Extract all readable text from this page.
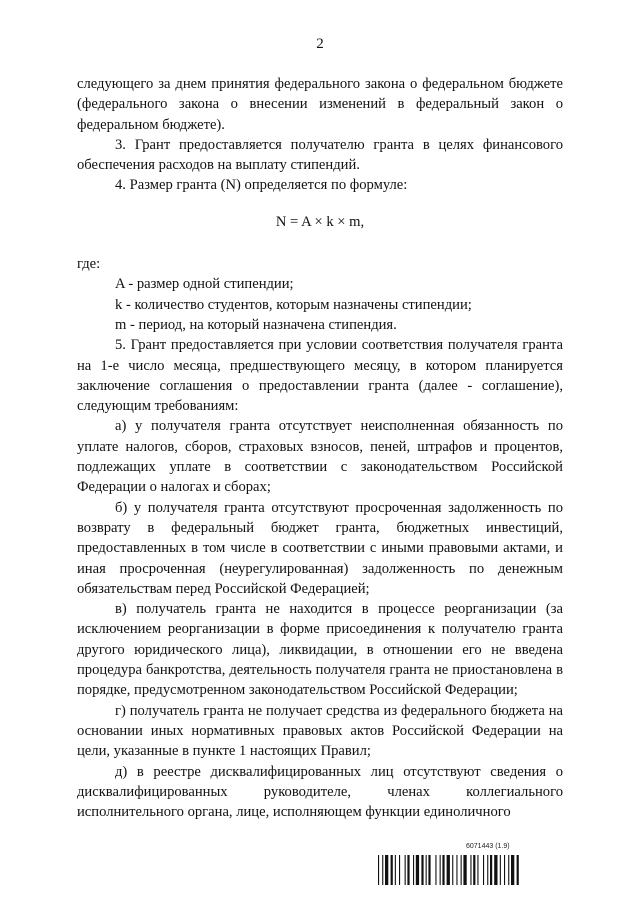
2

следующего за днем принятия федерального закона о федеральном бюджете (федерального закона о внесении изменений в федеральный закон о федеральном бюджете).

3. Грант предоставляется получателю гранта в целях финансового обеспечения расходов на выплату стипендий.

4. Размер гранта (N) определяется по формуле:

N = A × k × m,

где:

A - размер одной стипендии;

k - количество студентов, которым назначены стипендии;

m - период, на который назначена стипендия.

5. Грант предоставляется при условии соответствия получателя гранта на 1-е число месяца, предшествующего месяцу, в котором планируется заключение соглашения о предоставлении гранта (далее - соглашение), следующим требованиям:

а) у получателя гранта отсутствует неисполненная обязанность по уплате налогов, сборов, страховых взносов, пеней, штрафов и процентов, подлежащих уплате в соответствии с законодательством Российской Федерации о налогах и сборах;

б) у получателя гранта отсутствуют просроченная задолженность по возврату в федеральный бюджет гранта, бюджетных инвестиций, предоставленных в том числе в соответствии с иными правовыми актами, и иная просроченная (неурегулированная) задолженность по денежным обязательствам перед Российской Федерацией;

в) получатель гранта не находится в процессе реорганизации (за исключением реорганизации в форме присоединения к получателю гранта другого юридического лица), ликвидации, в отношении его не введена процедура банкротства, деятельность получателя гранта не приостановлена в порядке, предусмотренном законодательством Российской Федерации;

г) получатель гранта не получает средства из федерального бюджета на основании иных нормативных правовых актов Российской Федерации на цели, указанные в пункте 1 настоящих Правил;

д) в реестре дисквалифицированных лиц отсутствуют сведения о дисквалифицированных руководителе, членах коллегиального исполнительного органа, лице, исполняющем функции единоличного

6071443 (1.9)
